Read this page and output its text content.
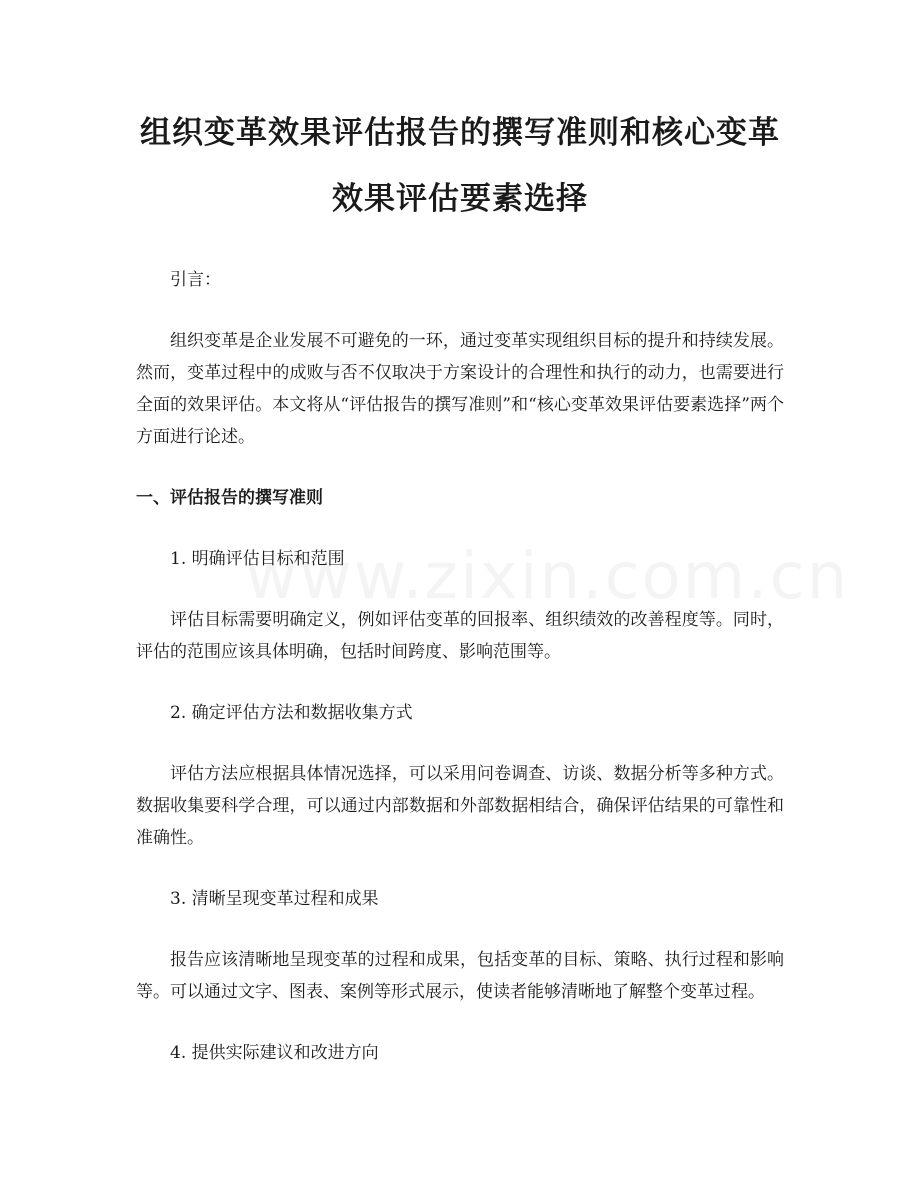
组织变革效果评估报告的撰写准则和核心变革效果评估要素选择

引言：

组织变革是企业发展不可避免的一环，通过变革实现组织目标的提升和持续发展。然而，变革过程中的成败与否不仅取决于方案设计的合理性和执行的动力，也需要进行全面的效果评估。本文将从“评估报告的撰写准则”和“核心变革效果评估要素选择”两个方面进行论述。

一、评估报告的撰写准则

1. 明确评估目标和范围

评估目标需要明确定义，例如评估变革的回报率、组织绩效的改善程度等。同时，评估的范围应该具体明确，包括时间跨度、影响范围等。

2. 确定评估方法和数据收集方式

评估方法应根据具体情况选择，可以采用问卷调查、访谈、数据分析等多种方式。数据收集要科学合理，可以通过内部数据和外部数据相结合，确保评估结果的可靠性和准确性。

3. 清晰呈现变革过程和成果

报告应该清晰地呈现变革的过程和成果，包括变革的目标、策略、执行过程和影响等。可以通过文字、图表、案例等形式展示，使读者能够清晰地了解整个变革过程。

4. 提供实际建议和改进方向
